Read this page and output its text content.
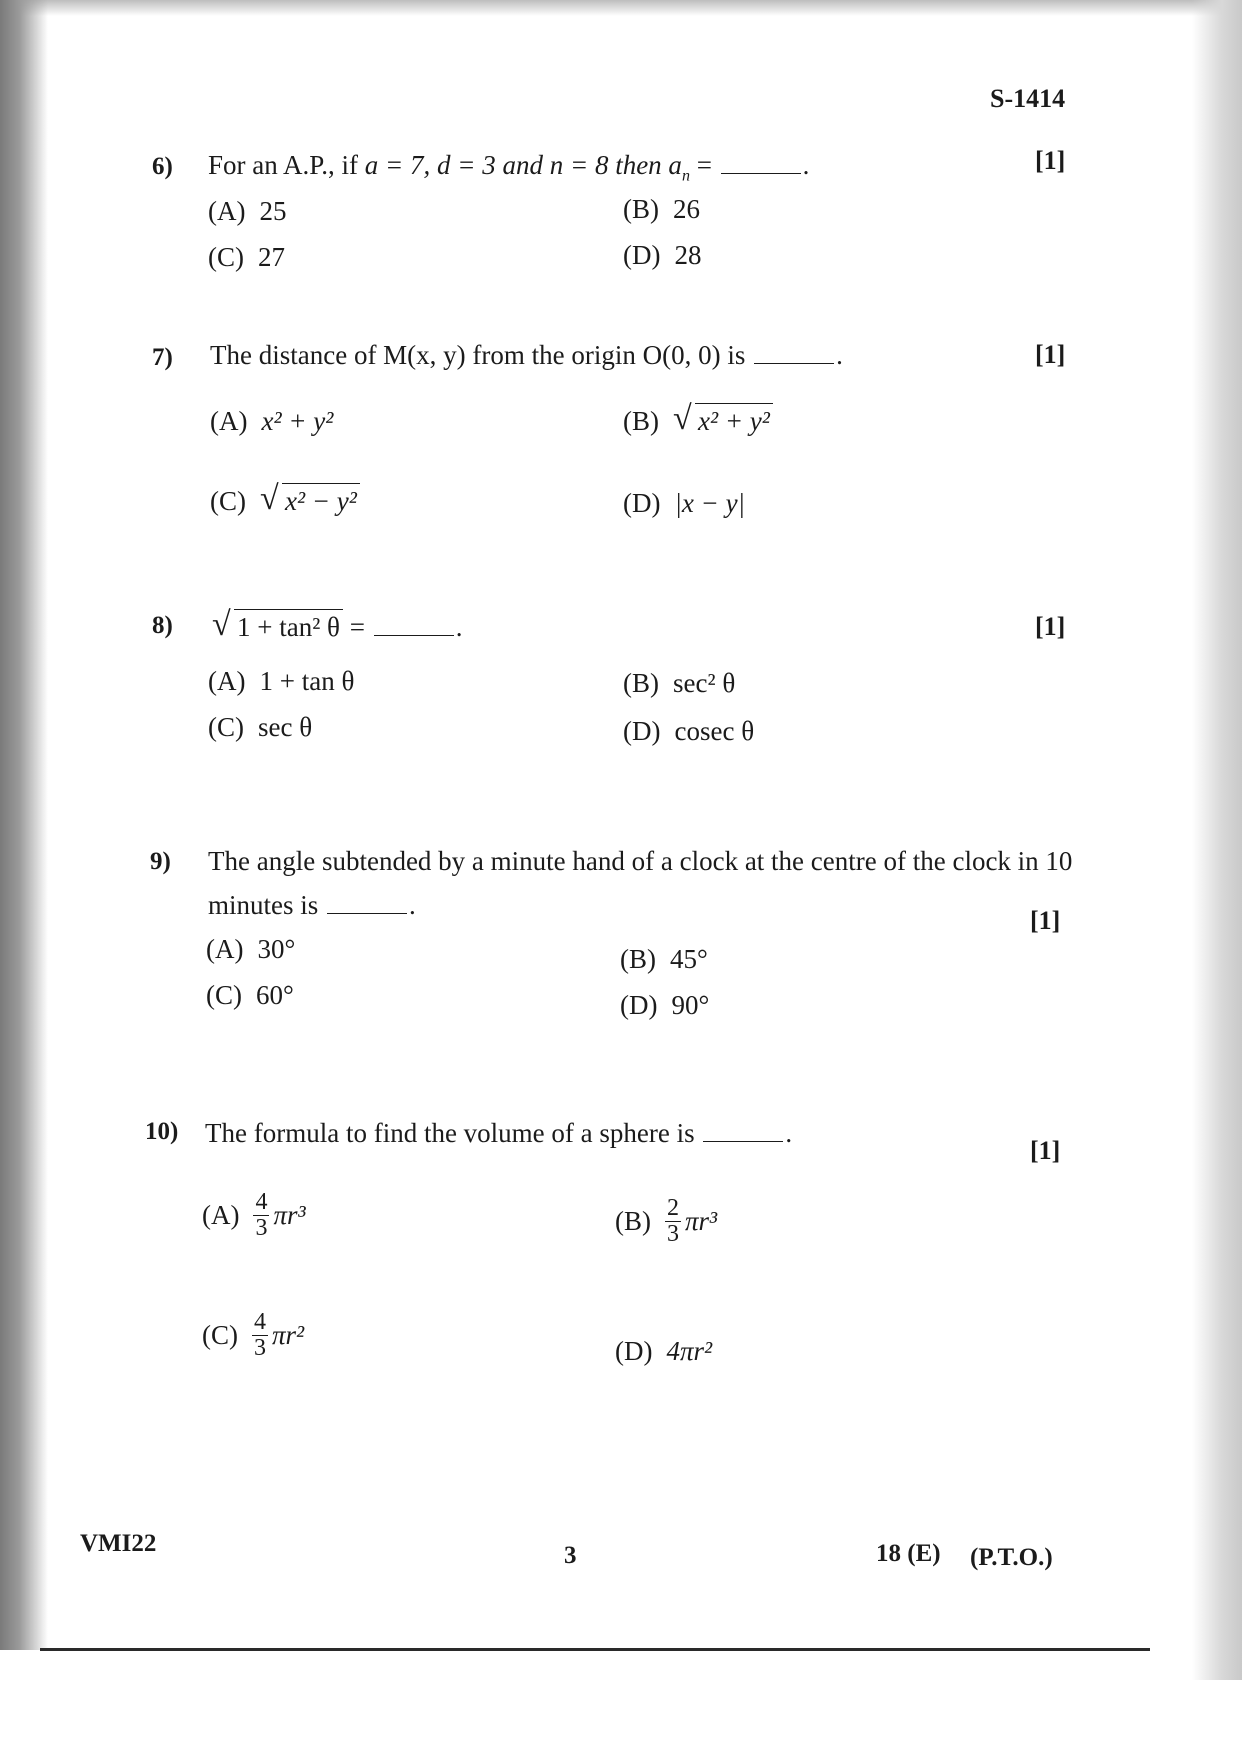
S-1414
6) For an A.P., if a = 7, d = 3 and n = 8 then $a_n$ =	.	[1]
(A) 25	(B) 26
(C) 27	(D) 28
7) The distance of M(x, y) from the origin O(0, 0) is	.	[1]
(A) x² + y²	(B) √ x² + y²
(C) √ x² − y²	(D) |x − y|
8) √ 1 + tan² θ =	.	[1]
(A) 1 + tan θ	(B) sec² θ
(C) sec θ	(D) cosec θ
9) The angle subtended by a minute hand of a clock at the centre of the clock in 10
minutes is	.
[1]
(A) 30°	(B) 45°
(C) 60°	(D) 90°
10) The formula to find the volume of a sphere is	.
[1]
$(A) \frac{4}{3} \pi r^3$	$(B) \frac{2}{3} \pi r^3$
$(C) \frac{4}{3} \pi r^2$
(D) 4πr²
VMI22	3	18 (E) (P.T.O.)
